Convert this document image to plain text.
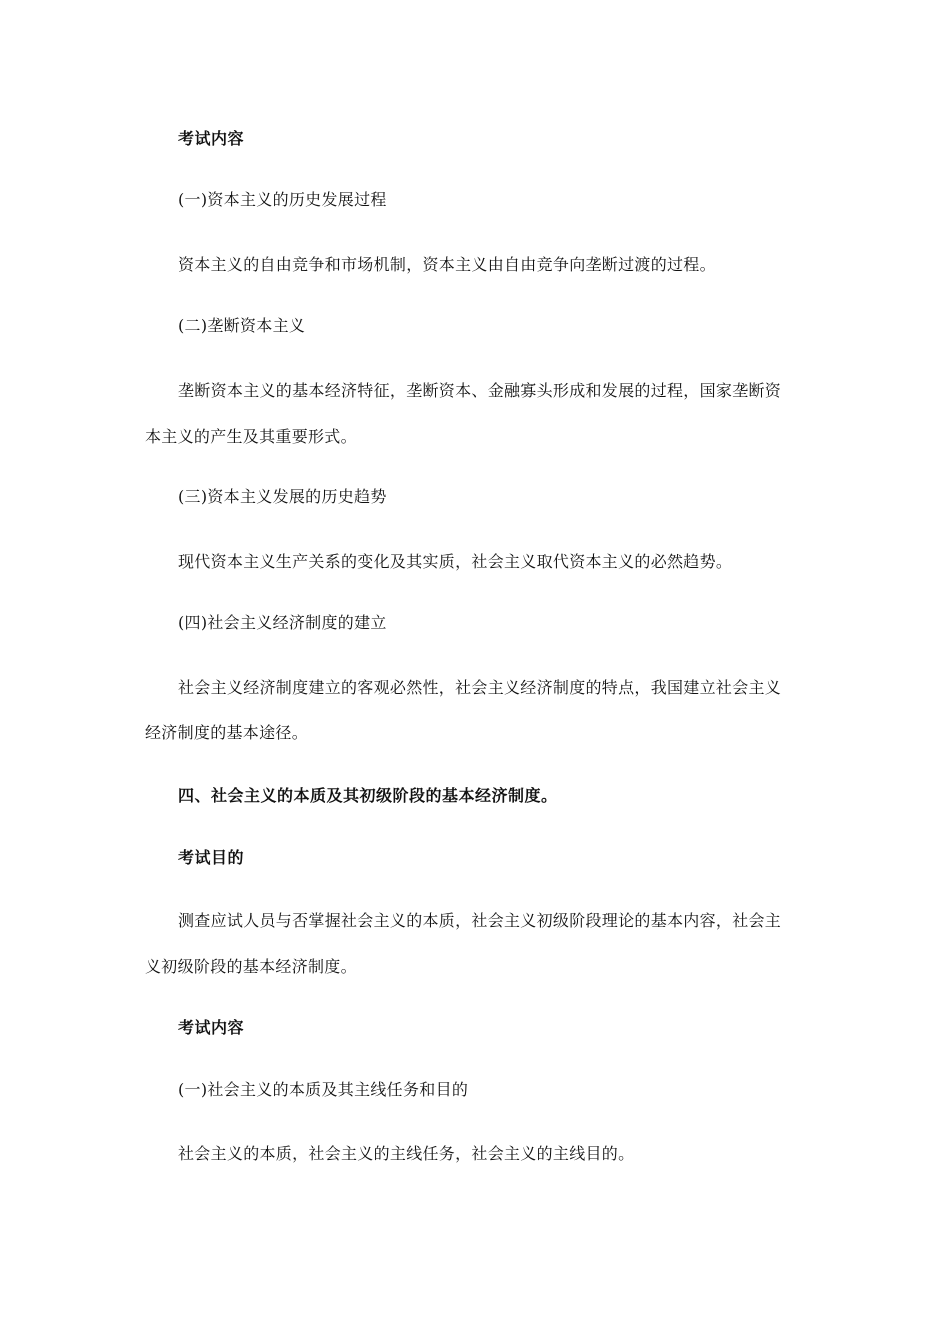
考试内容

(一)资本主义的历史发展过程

资本主义的自由竞争和市场机制，资本主义由自由竞争向垄断过渡的过程。

(二)垄断资本主义

垄断资本主义的基本经济特征，垄断资本、金融寡头形成和发展的过程，国家垄断资

本主义的产生及其重要形式。

(三)资本主义发展的历史趋势

现代资本主义生产关系的变化及其实质，社会主义取代资本主义的必然趋势。

(四)社会主义经济制度的建立

社会主义经济制度建立的客观必然性，社会主义经济制度的特点，我国建立社会主义

经济制度的基本途径。

四、社会主义的本质及其初级阶段的基本经济制度。

考试目的

测查应试人员与否掌握社会主义的本质，社会主义初级阶段理论的基本内容，社会主

义初级阶段的基本经济制度。

考试内容

(一)社会主义的本质及其主线任务和目的

社会主义的本质，社会主义的主线任务，社会主义的主线目的。
